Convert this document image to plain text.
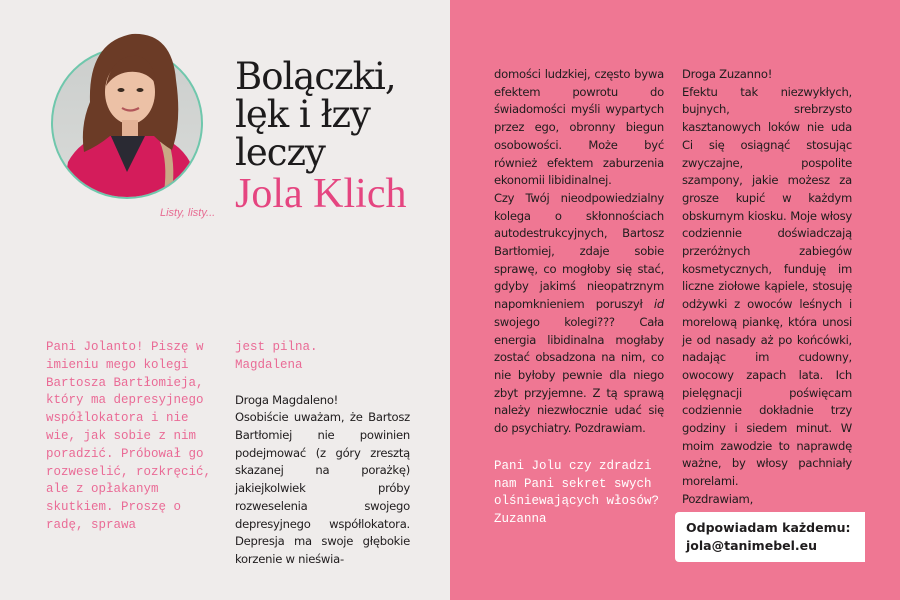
Bolączki,
lęk i łzy
leczy
Jola Klich
Listy, listy...
Pani Jolanto! Piszę w imieniu mego kolegi Bartosza Bartłomieja, który ma depresyjnego współlokatora i nie wie, jak sobie z nim poradzić. Próbował go rozweselić, rozkręcić, ale z opłakanym skutkiem. Proszę o radę, sprawa
jest pilna.
Magdalena

Droga Magdaleno!

Osobiście uważam, że Bartosz Bartłomiej nie powinien podejmować (z góry zresztą skazanej na porażkę) jakiejkolwiek próby rozweselenia swojego depresyjnego współlokatora. Depresja ma swoje głębokie korzenie w nieświa-

domości ludzkiej, często bywa efektem powrotu do świadomości myśli wypartych przez ego, obronny biegun osobowości. Może być również efektem zaburzenia ekonomii libidinalnej.

Czy Twój nieodpowiedzialny kolega o skłonnościach autodestrukcyjnych, Bartosz Bartłomiej, zdaje sobie sprawę, co mogłoby się stać, gdyby jakimś nieopatrznym napomknieniem poruszył id swojego kolegi??? Cała energia libidinalna mogłaby zostać obsadzona na nim, co nie byłoby pewnie dla niego zbyt przyjemne. Z tą sprawą należy niezwłocznie udać się do psychiatry. Pozdrawiam.

Pani Jolu czy zdradzi nam Pani sekret swych olśniewających włosów?
Zuzanna

Droga Zuzanno!

Efektu tak niezwykłych, bujnych, srebrzysto kasztanowych loków nie uda Ci się osiągnąć stosując zwyczajne, pospolite szampony, jakie możesz za grosze kupić w każdym obskurnym kiosku. Moje włosy codziennie doświadczają przeróżnych zabiegów kosmetycznych, funduję im liczne ziołowe kąpiele, stosuję odżywki z owoców leśnych i morelową piankę, która unosi je od nasady aż po końcówki, nadając im cudowny, owocowy zapach lata. Ich pielęgnacji poświęcam codziennie dokładnie trzy godziny i siedem minut. W moim zawodzie to naprawdę ważne, by włosy pachniały morelami.

Pozdrawiam,

Odpowiadam każdemu:
jola@tanimebel.eu
